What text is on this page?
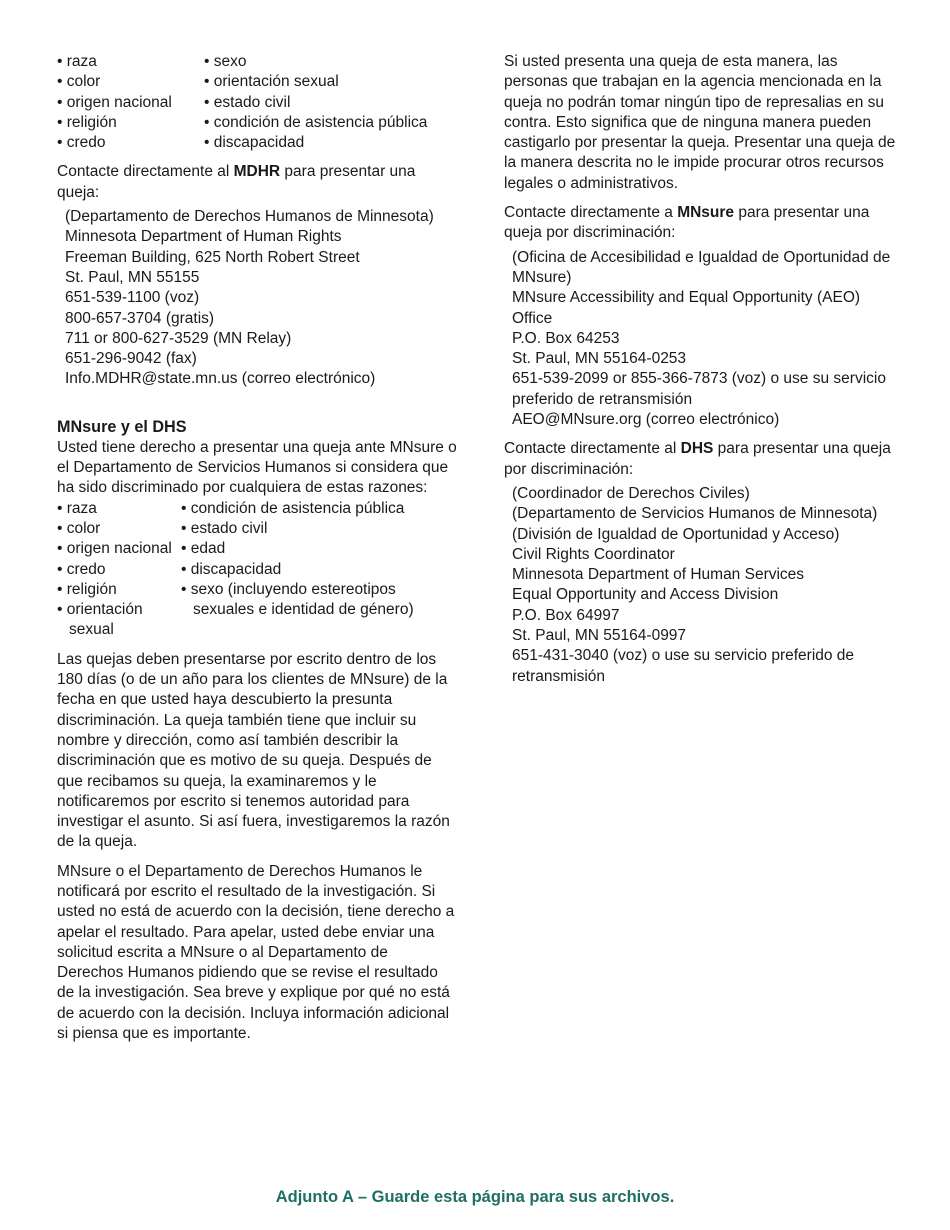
• raza
• color
• origen nacional
• religión
• credo
• sexo
• orientación sexual
• estado civil
• condición de asistencia pública
• discapacidad

Contacte directamente al MDHR para presentar una queja:

(Departamento de Derechos Humanos de Minnesota)
Minnesota Department of Human Rights
Freeman Building, 625 North Robert Street
St. Paul, MN 55155
651-539-1100 (voz)
800-657-3704 (gratis)
711 or 800-627-3529 (MN Relay)
651-296-9042 (fax)
Info.MDHR@state.mn.us (correo electrónico)
MNsure y el DHS

Usted tiene derecho a presentar una queja ante MNsure o el Departamento de Servicios Humanos si considera que ha sido discriminado por cualquiera de estas razones:

• raza
• color
• origen nacional
• credo
• religión
• orientación sexual
• condición de asistencia pública
• estado civil
• edad
• discapacidad
• sexo (incluyendo estereotipos sexuales e identidad de género)

Las quejas deben presentarse por escrito dentro de los 180 días (o de un año para los clientes de MNsure) de la fecha en que usted haya descubierto la presunta discriminación. La queja también tiene que incluir su nombre y dirección, como así también describir la discriminación que es motivo de su queja. Después de que recibamos su queja, la examinaremos y le notificaremos por escrito si tenemos autoridad para investigar el asunto. Si así fuera, investigaremos la razón de la queja.

MNsure o el Departamento de Derechos Humanos le notificará por escrito el resultado de la investigación. Si usted no está de acuerdo con la decisión, tiene derecho a apelar el resultado. Para apelar, usted debe enviar una solicitud escrita a MNsure o al Departamento de Derechos Humanos pidiendo que se revise el resultado de la investigación. Sea breve y explique por qué no está de acuerdo con la decisión. Incluya información adicional si piensa que es importante.

Si usted presenta una queja de esta manera, las personas que trabajan en la agencia mencionada en la queja no podrán tomar ningún tipo de represalias en su contra. Esto significa que de ninguna manera pueden castigarlo por presentar la queja. Presentar una queja de la manera descrita no le impide procurar otros recursos legales o administrativos.

Contacte directamente a MNsure para presentar una queja por discriminación:

(Oficina de Accesibilidad e Igualdad de Oportunidad de MNsure)
MNsure Accessibility and Equal Opportunity (AEO) Office
P.O. Box 64253
St. Paul, MN 55164-0253
651-539-2099 or 855-366-7873 (voz) o use su servicio preferido de retransmisión
AEO@MNsure.org (correo electrónico)

Contacte directamente al DHS para presentar una queja por discriminación:

(Coordinador de Derechos Civiles)
(Departamento de Servicios Humanos de Minnesota)
(División de Igualdad de Oportunidad y Acceso)
Civil Rights Coordinator
Minnesota Department of Human Services
Equal Opportunity and Access Division
P.O. Box 64997
St. Paul, MN 55164-0997
651-431-3040 (voz) o use su servicio preferido de retransmisión
Adjunto A – Guarde esta página para sus archivos.
